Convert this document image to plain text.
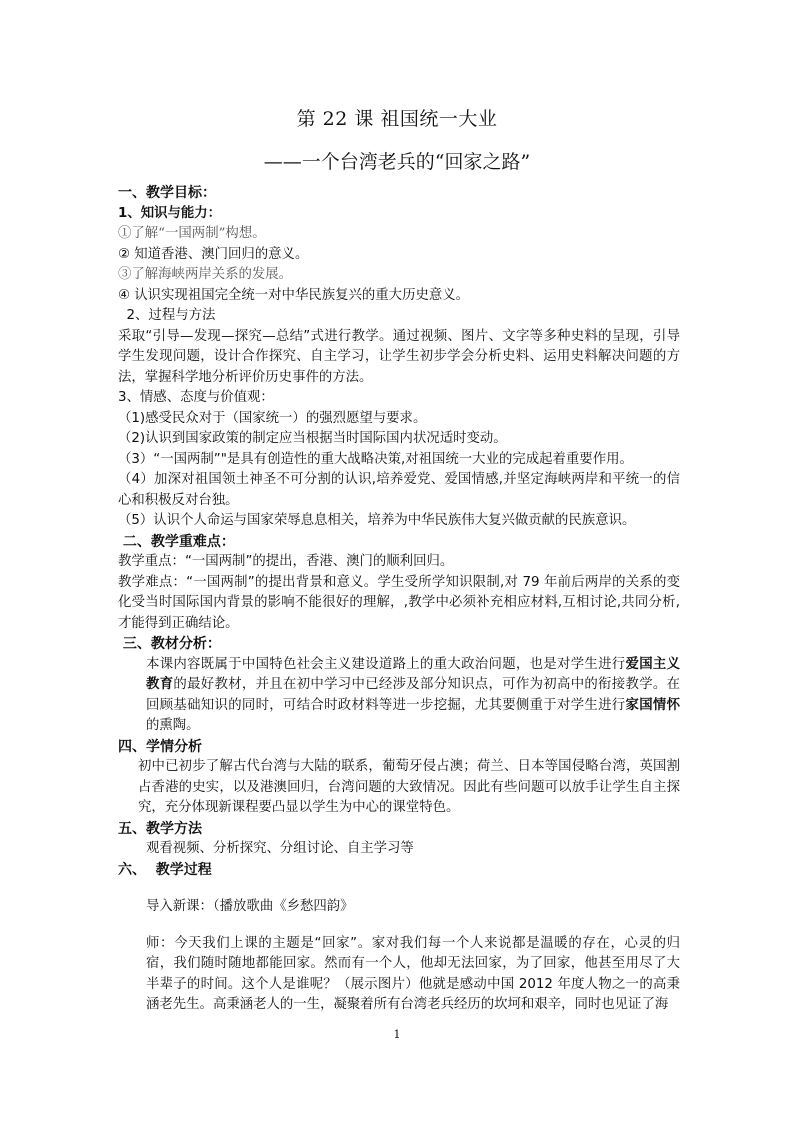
第 22 课 祖国统一大业
——一个台湾老兵的“回家之路”

一、教学目标：

1、知识与能力：

①了解“一国两制”构想。

② 知道香港、澳门回归的意义。

③了解海峡两岸关系的发展。

④ 认识实现祖国完全统一对中华民族复兴的重大历史意义。

2、过程与方法

采取“引导—发现—探究—总结”式进行教学。通过视频、图片、文字等多种史料的呈现，引导学生发现问题，设计合作探究、自主学习，让学生初步学会分析史料、运用史料解决问题的方法，掌握科学地分析评价历史事件的方法。

3、情感、态度与价值观：

（1)感受民众对于（国家统一）的强烈愿望与要求。

（2)认识到国家政策的制定应当根据当时国际国内状况适时变动。

（3）“一国两制”"是具有创造性的重大战略决策,对祖国统一大业的完成起着重要作用。

（4）加深对祖国领土神圣不可分割的认识,培养爱党、爱国情感,并坚定海峡两岸和平统一的信心和积极反对台独。

（5）认识个人命运与国家荣辱息息相关，培养为中华民族伟大复兴做贡献的民族意识。

二、教学重难点：

教学重点：“一国两制”的提出，香港、澳门的顺利回归。

教学难点：“一国两制”的提出背景和意义。学生受所学知识限制,对 79 年前后两岸的关系的变化受当时国际国内背景的影响不能很好的理解，,教学中必须补充相应材料,互相讨论,共同分析,才能得到正确结论。

三、教材分析：

本课内容既属于中国特色社会主义建设道路上的重大政治问题，也是对学生进行爱国主义教育的最好教材，并且在初中学习中已经涉及部分知识点，可作为初高中的衔接教学。在回顾基础知识的同时，可结合时政材料等进一步挖掘，尤其要侧重于对学生进行家国情怀的熏陶。

四、学情分析

初中已初步了解古代台湾与大陆的联系，葡萄牙侵占澳；荷兰、日本等国侵略台湾，英国割占香港的史实，以及港澳回归，台湾问题的大致情况。因此有些问题可以放手让学生自主探究，充分体现新课程要凸显以学生为中心的课堂特色。

五、教学方法

观看视频、分析探究、分组讨论、自主学习等

六、  教学过程

导入新课：（播放歌曲《乡愁四韵》

师：今天我们上课的主题是“回家”。家对我们每一个人来说都是温暖的存在，心灵的归宿，我们随时随地都能回家。然而有一个人，他却无法回家，为了回家，他甚至用尽了大半辈子的时间。这个人是谁呢？（展示图片）他就是感动中国 2012 年度人物之一的高秉涵老先生。高秉涵老人的一生，凝聚着所有台湾老兵经历的坎坷和艰辛，同时也见证了海

1
